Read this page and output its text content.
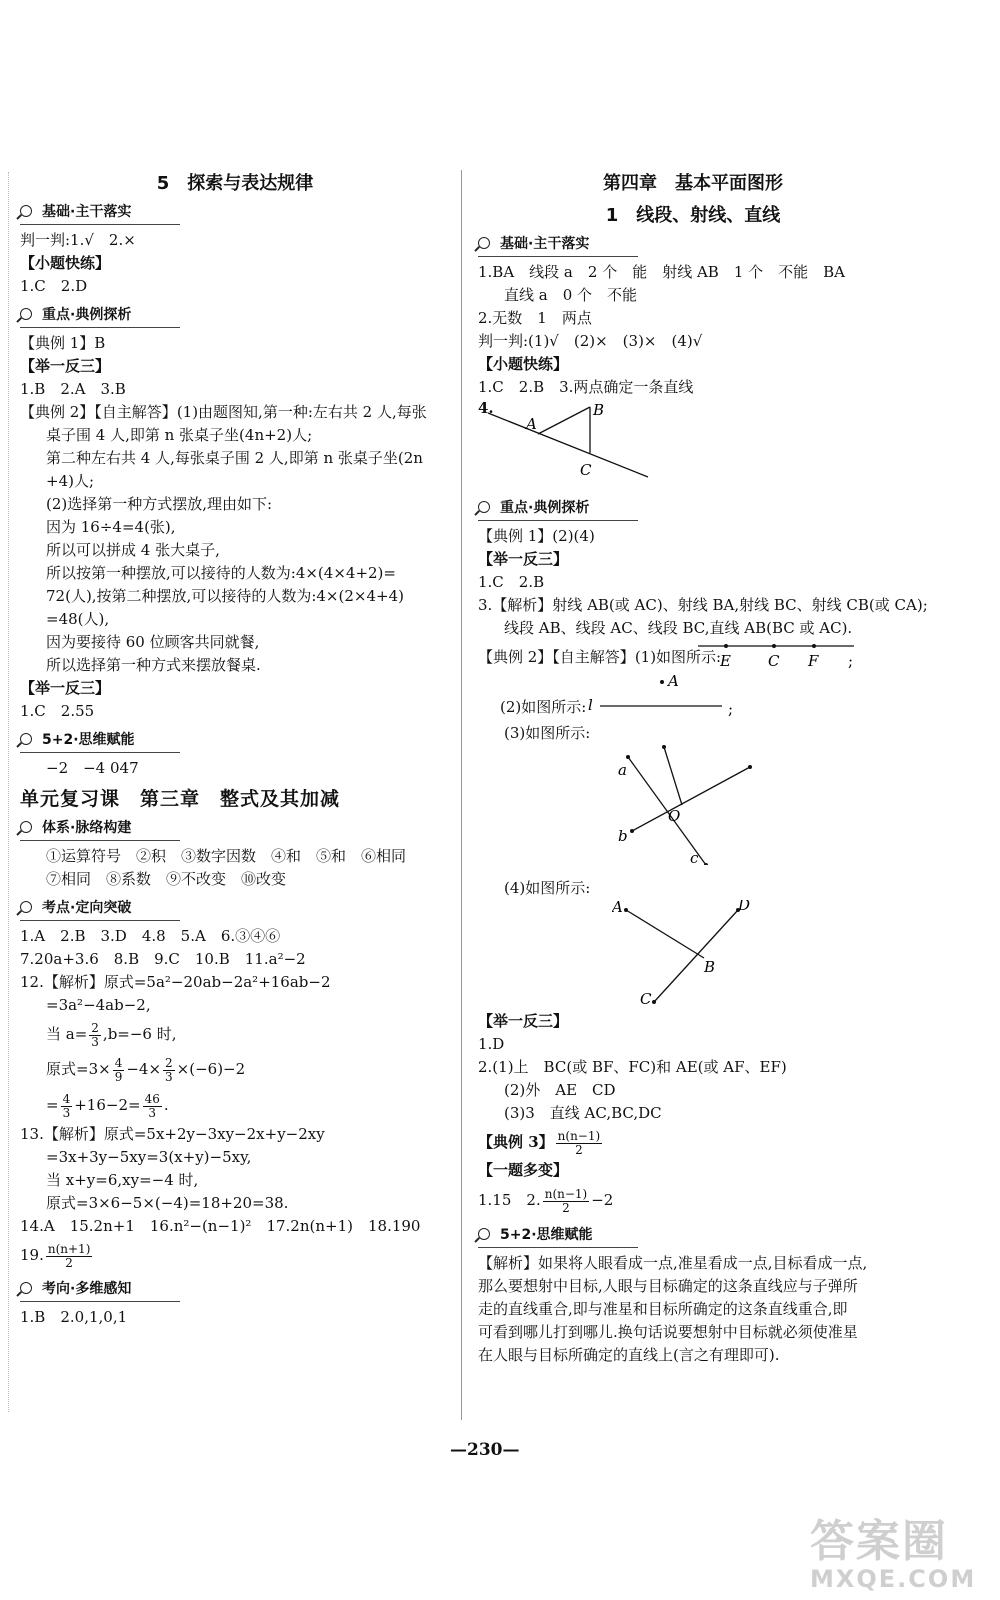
5　探索与表达规律
基础·主干落实
判一判:1.√　2.×
【小题快练】
1.C　2.D
重点·典例探析
【典例 1】B
【举一反三】
1.B　2.A　3.B
【典例 2】【自主解答】(1)由题图知,第一种:左右共 2 人,每张
桌子围 4 人,即第 n 张桌子坐(4n+2)人;
第二种左右共 4 人,每张桌子围 2 人,即第 n 张桌子坐(2n
+4)人;
(2)选择第一种方式摆放,理由如下:
因为 16÷4=4(张),
所以可以拼成 4 张大桌子,
所以按第一种摆放,可以接待的人数为:4×(4×4+2)=
72(人),按第二种摆放,可以接待的人数为:4×(2×4+4)
=48(人),
因为要接待 60 位顾客共同就餐,
所以选择第一种方式来摆放餐桌.
【举一反三】
1.C　2.55
5+2·思维赋能
−2　−4 047
单元复习课　第三章　整式及其加减
体系·脉络构建
①运算符号　②积　③数字因数　④和　⑤和　⑥相同
⑦相同　⑧系数　⑨不改变　⑩改变
考点·定向突破
1.A　2.B　3.D　4.8　5.A　6.③④⑥
7.20a+3.6　8.B　9.C　10.B　11.a²−2
12.【解析】原式=5a²−20ab−2a²+16ab−2
=3a²−4ab−2,
当 $a= \frac{2}{3} ,b=-6$ 时,
原式$=3\times \frac{4}{9} -4\times \frac{2}{3} \times(-6)-2$
= $\frac{4}{3} +16-2= \frac{46}{3}$ .
13.【解析】原式=5x+2y−3xy−2x+y−2xy
=3x+3y−5xy=3(x+y)−5xy,
当 x+y=6,xy=−4 时,
原式=3×6−5×(−4)=18+20=38.
14.A　15.2n+1　16.n²−(n−1)²　17.2n(n+1)　18.190
19. $\frac{n(n+1)}{2}$
考向·多维感知
1.B　2.0,1,0,1
第四章　基本平面图形
1　线段、射线、直线
基础·主干落实
1.BA　线段 a　2 个　能　射线 AB　1 个　不能　BA
直线 a　0 个　不能
2.无数　1　两点
判一判:(1)√　(2)×　(3)×　(4)√
【小题快练】
1.C　2.B　3.两点确定一条直线
4.
A
B
C
重点·典例探析
【典例 1】(2)(4)
【举一反三】
1.C　2.B
3.【解析】射线 AB(或 AC)、射线 BA,射线 BC、射线 CB(或 CA);
线段 AB、线段 AC、线段 BC,直线 AB(BC 或 AC).
【典例 2】【自主解答】(1)如图所示:
E C F ;
(2)如图所示:
A
l	;
(3)如图所示:
a
b
c
O
(4)如图所示:
A	D
B
C
【举一反三】
1.D
2.(1)上　BC(或 BF、FC)和 AE(或 AF、EF)
(2)外　AE　CD
(3)3　直线 AC,BC,DC
【典例 3】 $\frac{n(n-1)}{2}$
【一题多变】
1.15　2. $\frac{n(n-1)}{2} -2$
5+2·思维赋能
【解析】如果将人眼看成一点,准星看成一点,目标看成一点,
那么要想射中目标,人眼与目标确定的这条直线应与子弹所
走的直线重合,即与准星和目标所确定的这条直线重合,即
可看到哪儿打到哪儿.换句话说要想射中目标就必须使准星
在人眼与目标所确定的直线上(言之有理即可).
—230—
答案圈
MXQE.COM
